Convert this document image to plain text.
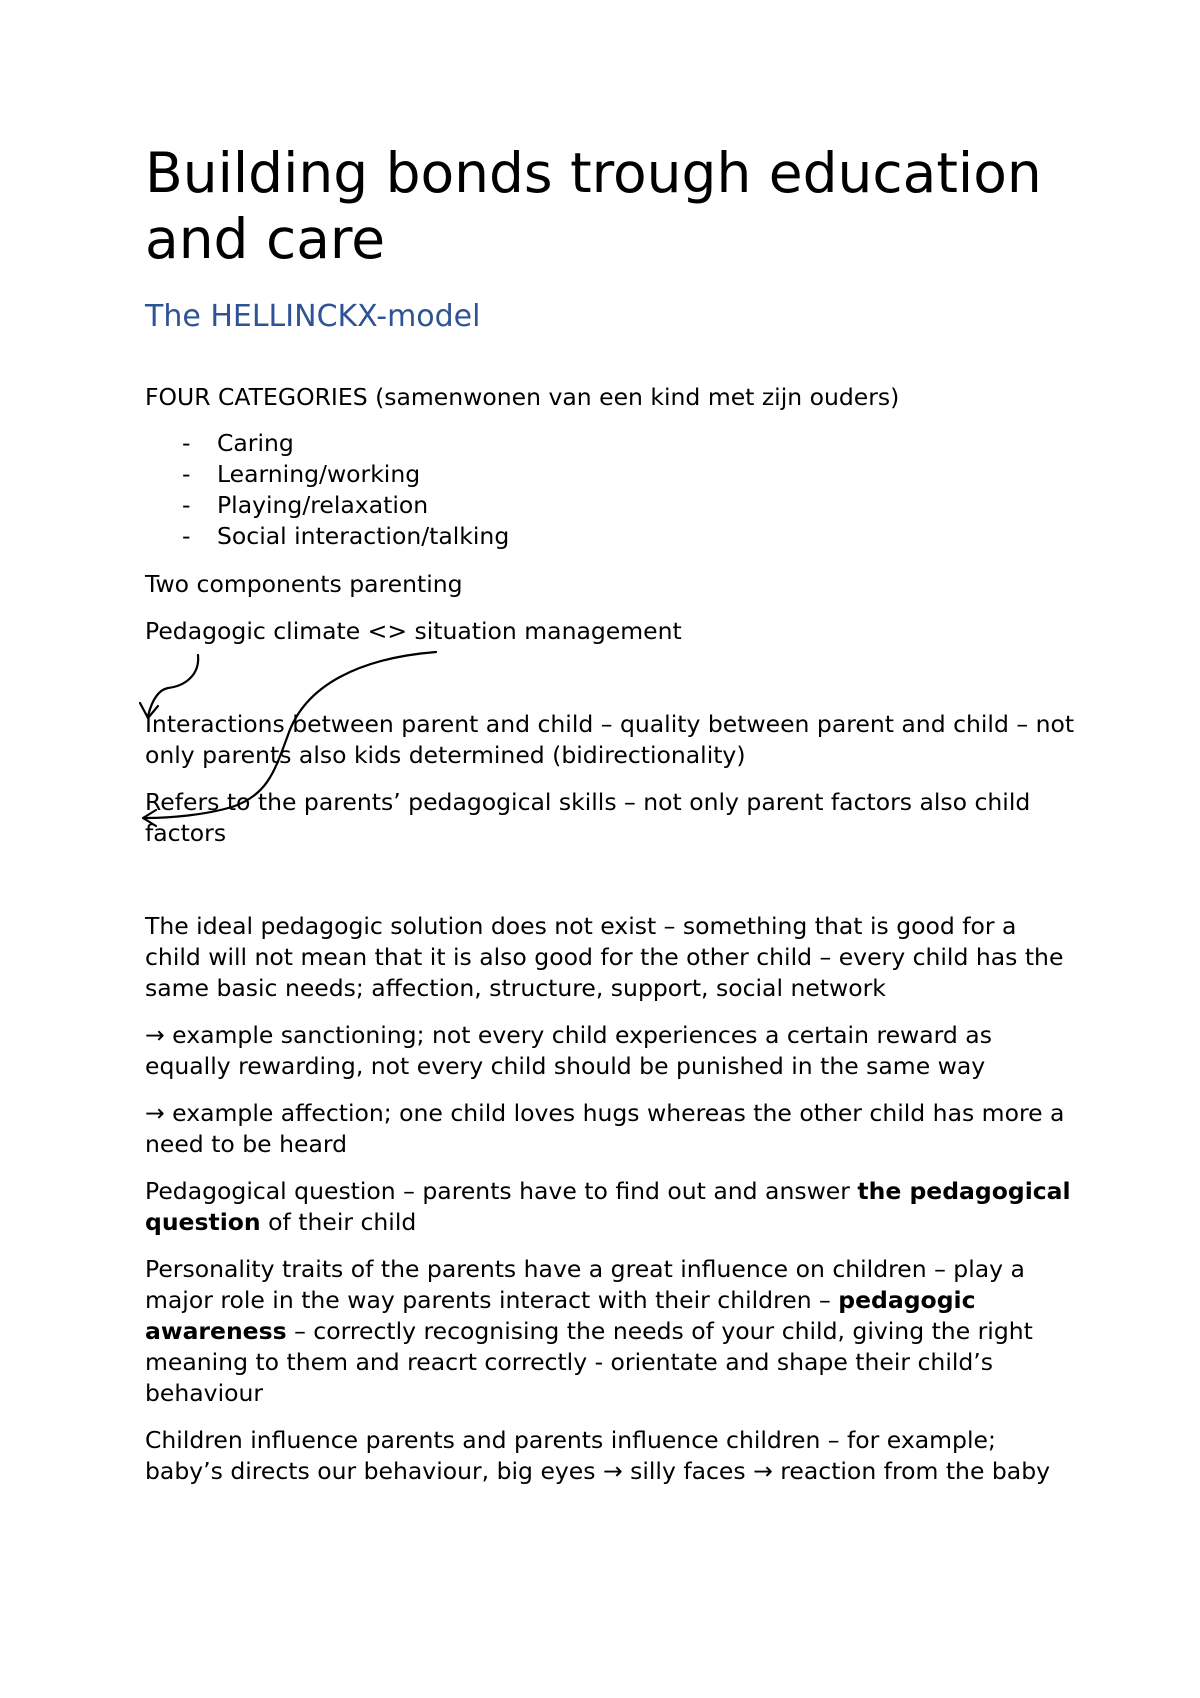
Building bonds trough education and care
The HELLINCKX-model

FOUR CATEGORIES (samenwonen van een kind met zijn ouders)

- Caring
- Learning/working
- Playing/relaxation
- Social interaction/talking

Two components parenting

Pedagogic climate <> situation management

Interactions between parent and child – quality between parent and child – not only parents also kids determined (bidirectionality)

Refers to the parents’ pedagogical skills – not only parent factors also child factors

The ideal pedagogic solution does not exist – something that is good for a child will not mean that it is also good for the other child – every child has the same basic needs; affection, structure, support, social network

→ example sanctioning; not every child experiences a certain reward as equally rewarding, not every child should be punished in the same way

→ example affection; one child loves hugs whereas the other child has more a need to be heard

Pedagogical question – parents have to find out and answer the pedagogical question of their child

Personality traits of the parents have a great influence on children – play a major role in the way parents interact with their children – pedagogic awareness – correctly recognising the needs of your child, giving the right meaning to them and reacrt correctly - orientate and shape their child’s behaviour

Children influence parents and parents influence children – for example; baby’s directs our behaviour, big eyes → silly faces → reaction from the baby
